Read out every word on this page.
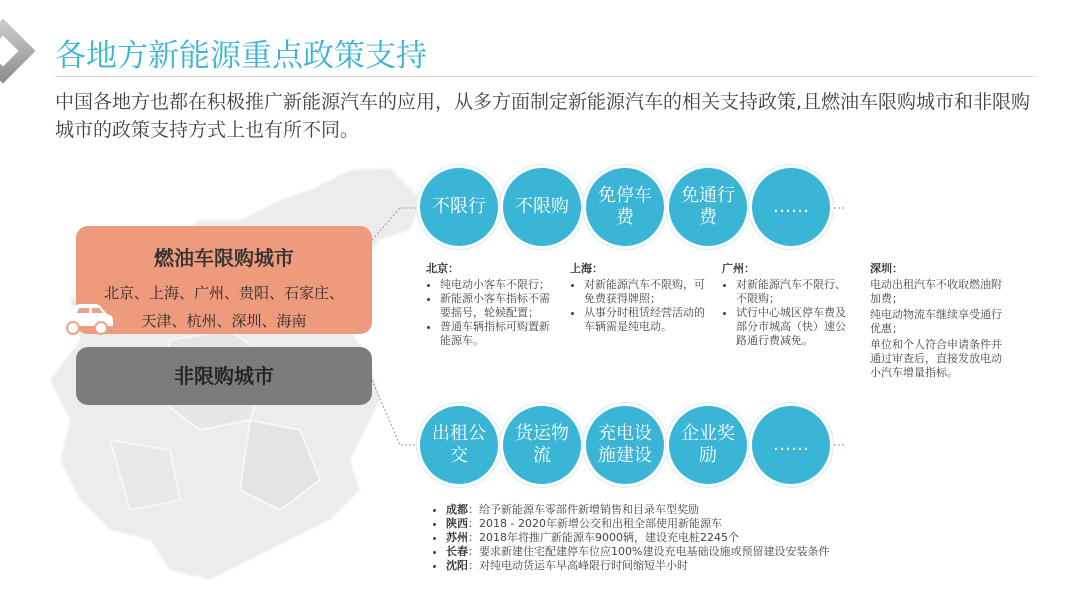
各地方新能源重点政策支持
中国各地方也都在积极推广新能源汽车的应用，从多方面制定新能源汽车的相关支持政策,且燃油车限购城市和非限购城市的政策支持方式上也有所不同。
燃油车限购城市
北京、上海、广州、贵阳、石家庄、天津、杭州、深圳、海南
非限购城市
不限行 不限购
免停车费
免通行费
……
北京：
• 纯电动小客车不限行；
• 新能源小客车指标不需要摇号，轮候配置；
• 普通车辆指标可购置新能源车。
上海：
• 对新能源汽车不限购，可免费获得牌照；
• 从事分时租赁经营活动的车辆需是纯电动。
广州：
• 对新能源汽车不限行、不限购；
• 试行中心城区停车费及部分市城高（快）速公路通行费减免。
深圳：

电动出租汽车不收取燃油附加费；

纯电动物流车继续享受通行优惠；

单位和个人符合申请条件并通过审查后，直接发放电动小汽车增量指标。

出租公交
货运物流
充电设施建设
企业奖励
……
• 成都：给予新能源车零部件新增销售和目录车型奖励
• 陕西：2018 - 2020年新增公交和出租全部使用新能源车
• 苏州：2018年将推广新能源车9000辆，建设充电桩2245个
• 长春：要求新建住宅配建停车位应100%建设充电基础设施或预留建设安装条件
• 沈阳：对纯电动货运车早高峰限行时间缩短半小时
